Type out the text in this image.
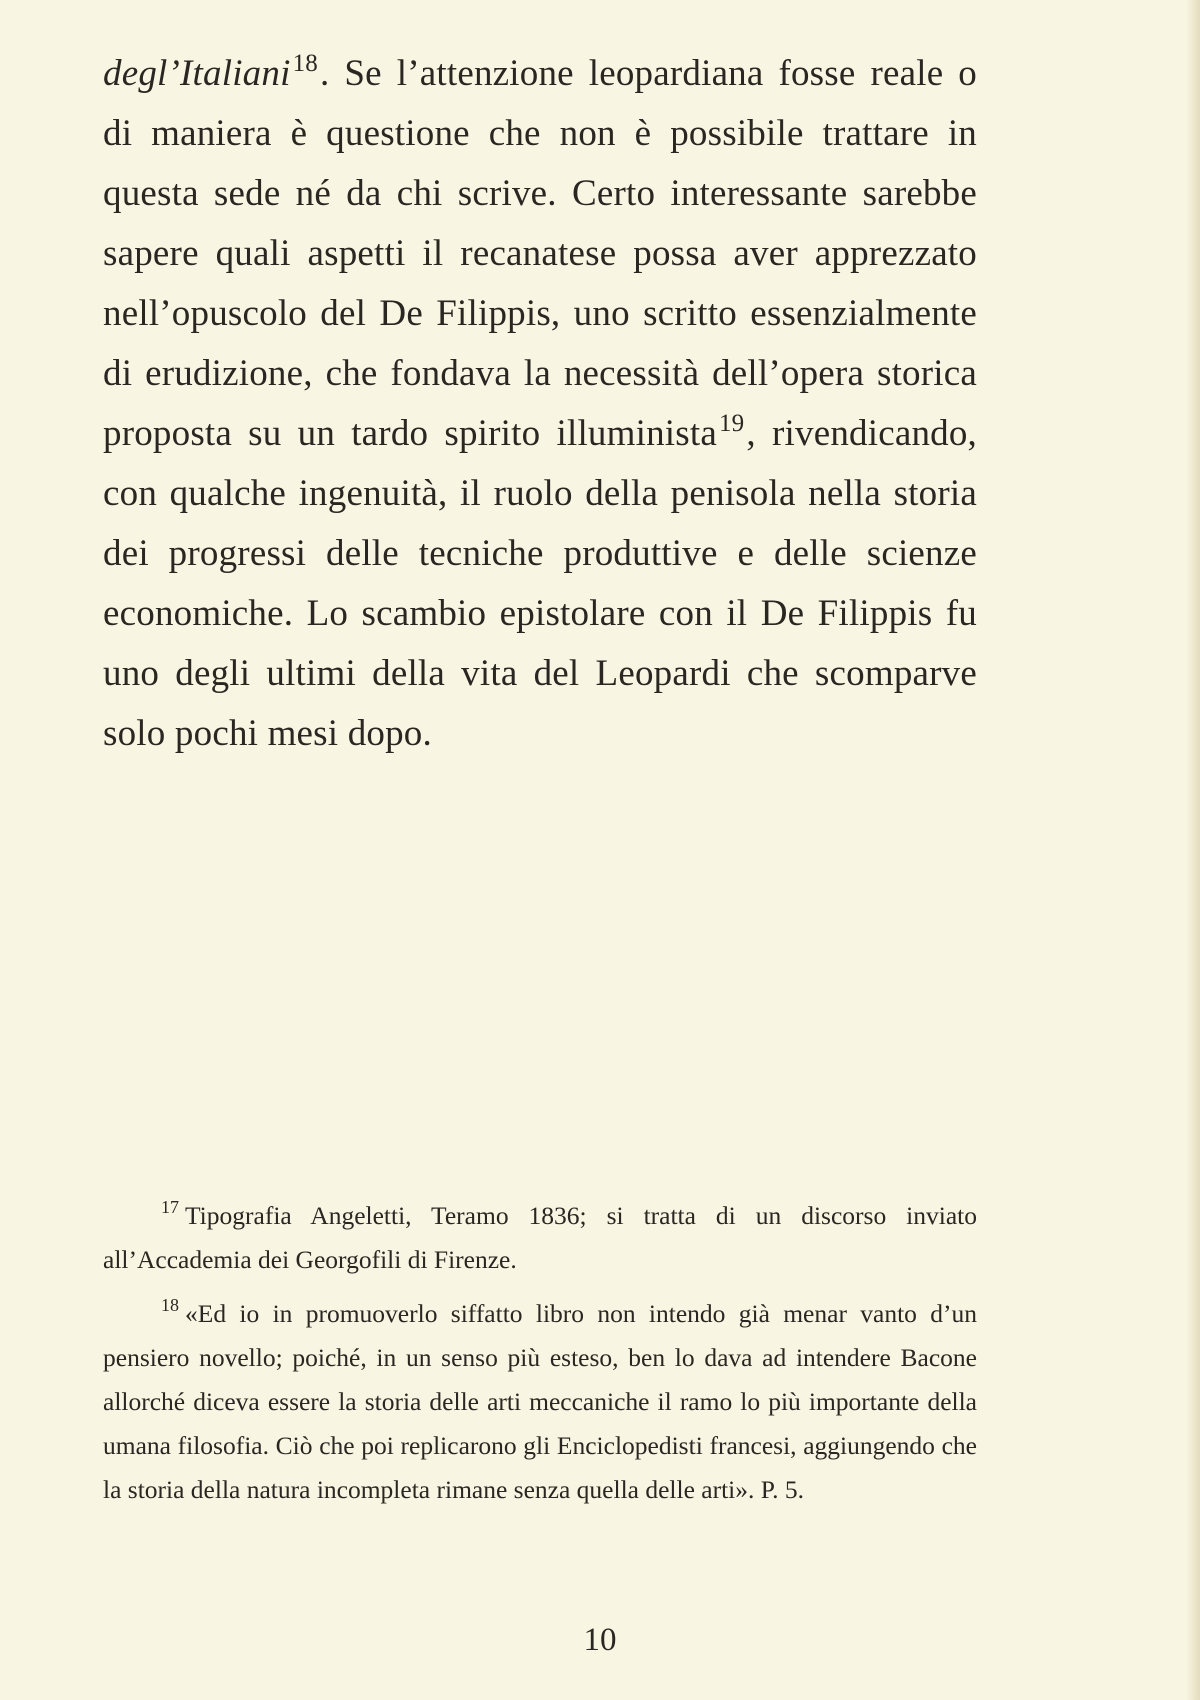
degl’Italiani$^{18}$. Se l’attenzione leopardiana fosse reale o di maniera è questione che non è possibile trattare in questa sede né da chi scrive. Certo interessante sarebbe sapere quali aspetti il recanatese possa aver apprezzato nell’opuscolo del De Filippis, uno scritto essenzialmente di erudizione, che fondava la necessità dell’opera storica proposta su un tardo spirito illuminista$^{19}$, rivendicando, con qualche ingenuità, il ruolo della penisola nella storia dei progressi delle tecniche produttive e delle scienze economiche. Lo scambio epistolare con il De Filippis fu uno degli ultimi della vita del Leopardi che scomparve solo pochi mesi dopo.

$^{17}$ Tipografia Angeletti, Teramo 1836; si tratta di un discorso inviato all’Accademia dei Georgofili di Firenze.

$^{18}$ «Ed io in promuoverlo siffatto libro non intendo già menar vanto d’un pensiero novello; poiché, in un senso più esteso, ben lo dava ad intendere Bacone allorché diceva essere la storia delle arti meccaniche il ramo lo più importante della umana filosofia. Ciò che poi replicarono gli Enciclopedisti francesi, aggiungendo che la storia della natura incompleta rimane senza quella delle arti». P. 5.

10
